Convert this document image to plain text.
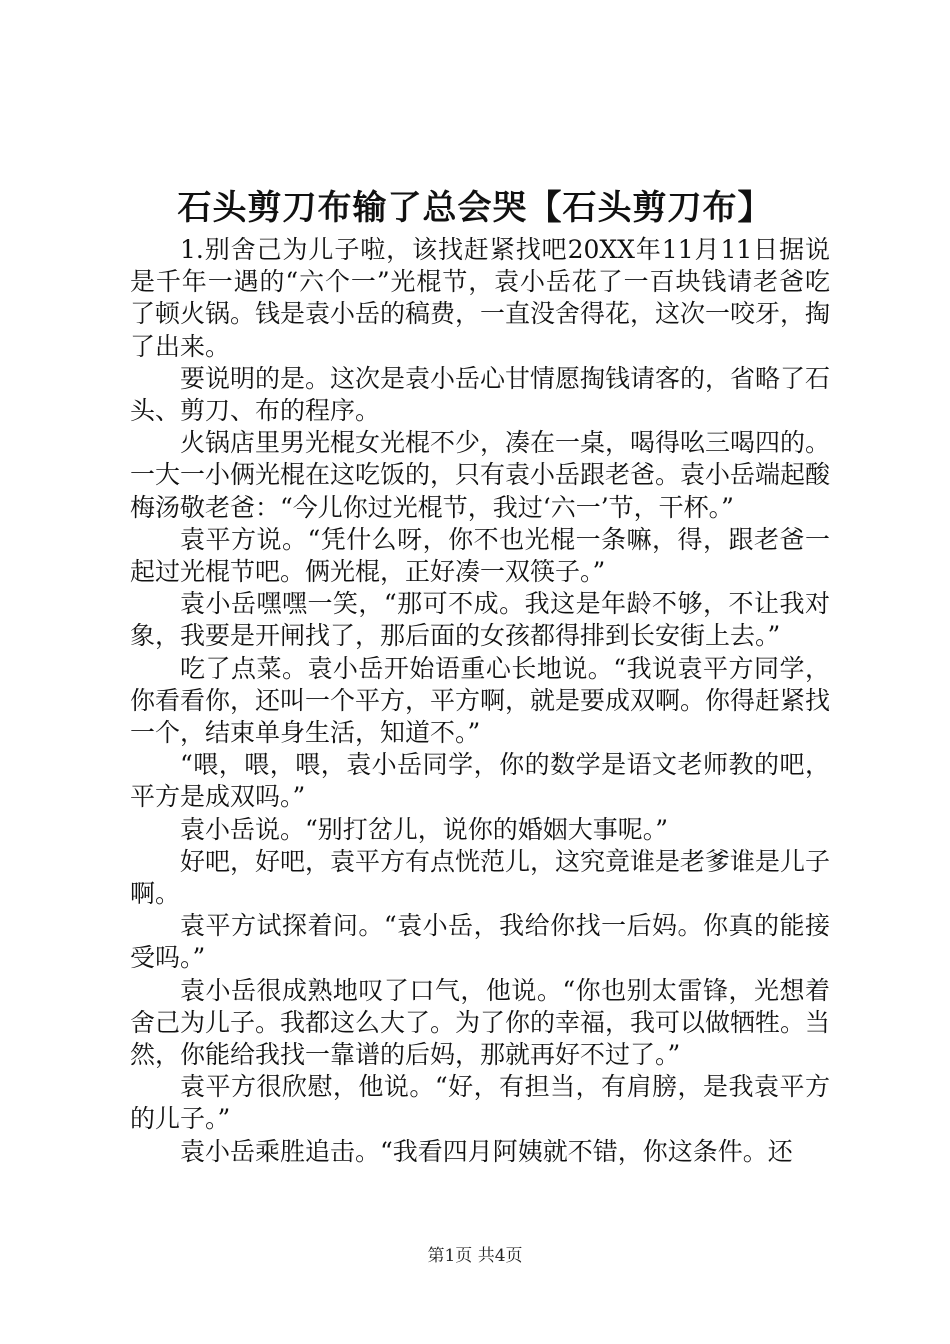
石头剪刀布输了总会哭【石头剪刀布】

1.别舍己为儿子啦，该找赶紧找吧20XX年11月11日据说是千年一遇的“六个一”光棍节，袁小岳花了一百块钱请老爸吃了顿火锅。钱是袁小岳的稿费，一直没舍得花，这次一咬牙，掏了出来。

要说明的是。这次是袁小岳心甘情愿掏钱请客的，省略了石头、剪刀、布的程序。

火锅店里男光棍女光棍不少，凑在一桌，喝得吆三喝四的。一大一小俩光棍在这吃饭的，只有袁小岳跟老爸。袁小岳端起酸梅汤敬老爸：“今儿你过光棍节，我过‘六一’节，干杯。”

袁平方说。“凭什么呀，你不也光棍一条嘛，得，跟老爸一起过光棍节吧。俩光棍，正好凑一双筷子。”

袁小岳嘿嘿一笑，“那可不成。我这是年龄不够，不让我对象，我要是开闸找了，那后面的女孩都得排到长安街上去。”

吃了点菜。袁小岳开始语重心长地说。“我说袁平方同学，你看看你，还叫一个平方，平方啊，就是要成双啊。你得赶紧找一个，结束单身生活，知道不。”

“喂，喂，喂，袁小岳同学，你的数学是语文老师教的吧，平方是成双吗。”

袁小岳说。“别打岔儿，说你的婚姻大事呢。”

好吧，好吧，袁平方有点恍范儿，这究竟谁是老爹谁是儿子啊。

袁平方试探着问。“袁小岳，我给你找一后妈。你真的能接受吗。”

袁小岳很成熟地叹了口气，他说。“你也别太雷锋，光想着舍己为儿子。我都这么大了。为了你的幸福，我可以做牺牲。当然，你能给我找一靠谱的后妈，那就再好不过了。”

袁平方很欣慰，他说。“好，有担当，有肩膀，是我袁平方的儿子。”

袁小岳乘胜追击。“我看四月阿姨就不错，你这条件。还

第1页 共4页
